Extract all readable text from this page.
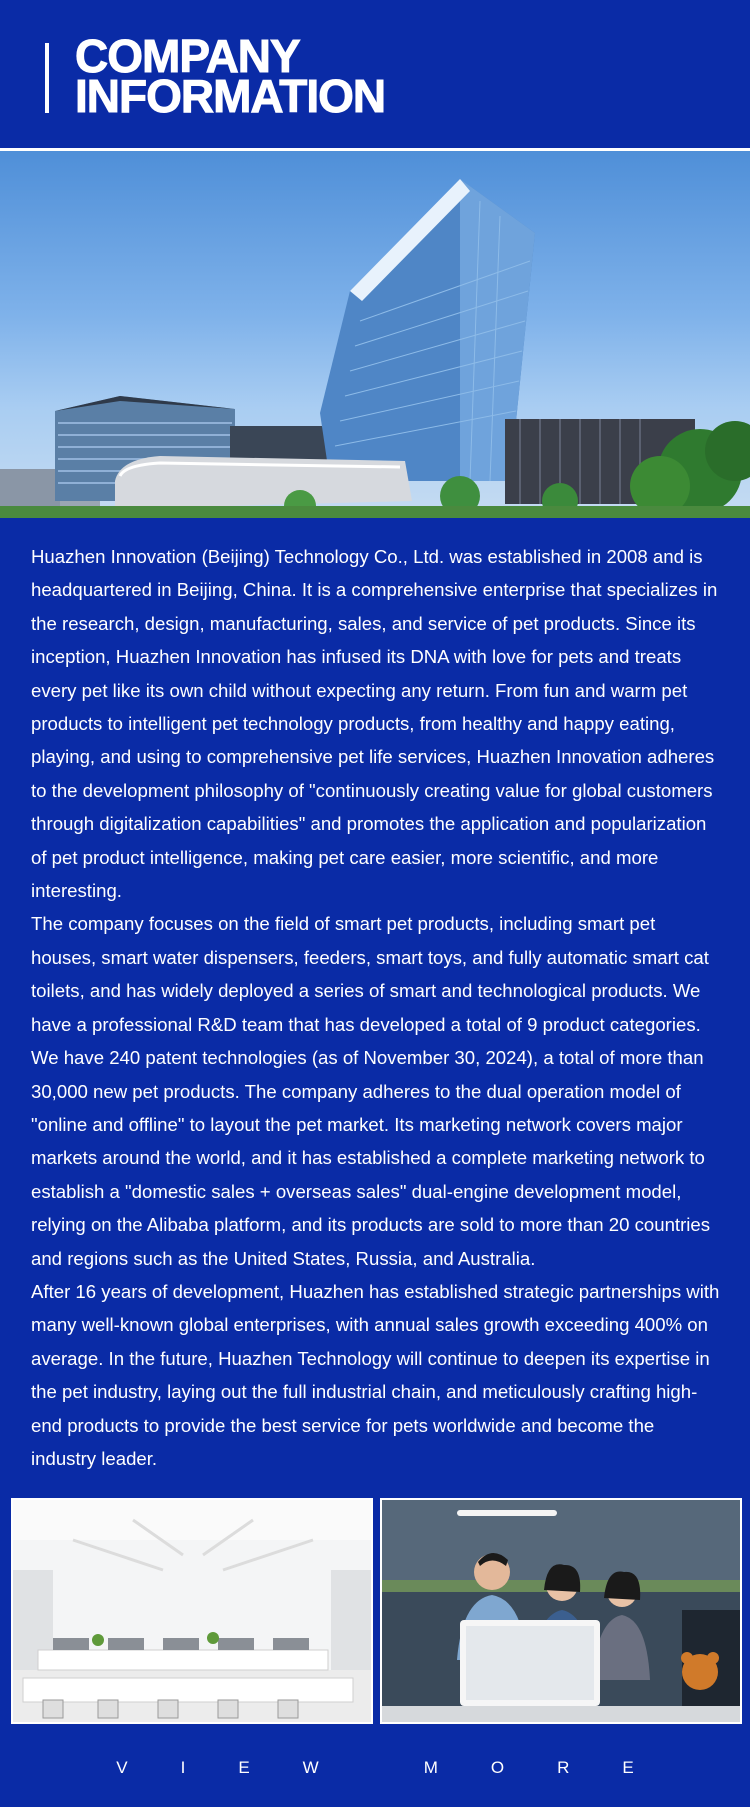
COMPANY
INFORMATION

Huazhen Innovation (Beijing) Technology Co., Ltd. was established in 2008 and is headquartered in Beijing, China. It is a comprehensive enterprise that specializes in the research, design, manufacturing, sales, and service of pet products. Since its inception, Huazhen Innovation has infused its DNA with love for pets and treats every pet like its own child without expecting any return. From fun and warm pet products to intelligent pet technology products, from healthy and happy eating, playing, and using to comprehensive pet life services, Huazhen Innovation adheres to the development philosophy of "continuously creating value for global customers through digitalization capabilities" and promotes the application and popularization of pet product intelligence, making pet care easier, more scientific, and more interesting.

The company focuses on the field of smart pet products, including smart pet houses, smart water dispensers, feeders, smart toys, and fully automatic smart cat toilets, and has widely deployed a series of smart and technological products. We have a professional R&D team that has developed a total of 9 product categories. We have 240 patent technologies (as of November 30, 2024), a total of more than 30,000 new pet products. The company adheres to the dual operation model of "online and offline" to layout the pet market. Its marketing network covers major markets around the world, and it has established a complete marketing network to establish a "domestic sales + overseas sales" dual-engine development model, relying on the Alibaba platform, and its products are sold to more than 20 countries and regions such as the United States, Russia, and Australia.

After 16 years of development, Huazhen has established strategic partnerships with many well-known global enterprises, with annual sales growth exceeding 400% on average. In the future, Huazhen Technology will continue to deepen its expertise in the pet industry, laying out the full industrial chain, and meticulously crafting high-end products to provide the best service for pets worldwide and become the industry leader.

V	I	E	W	M	O	R	E
